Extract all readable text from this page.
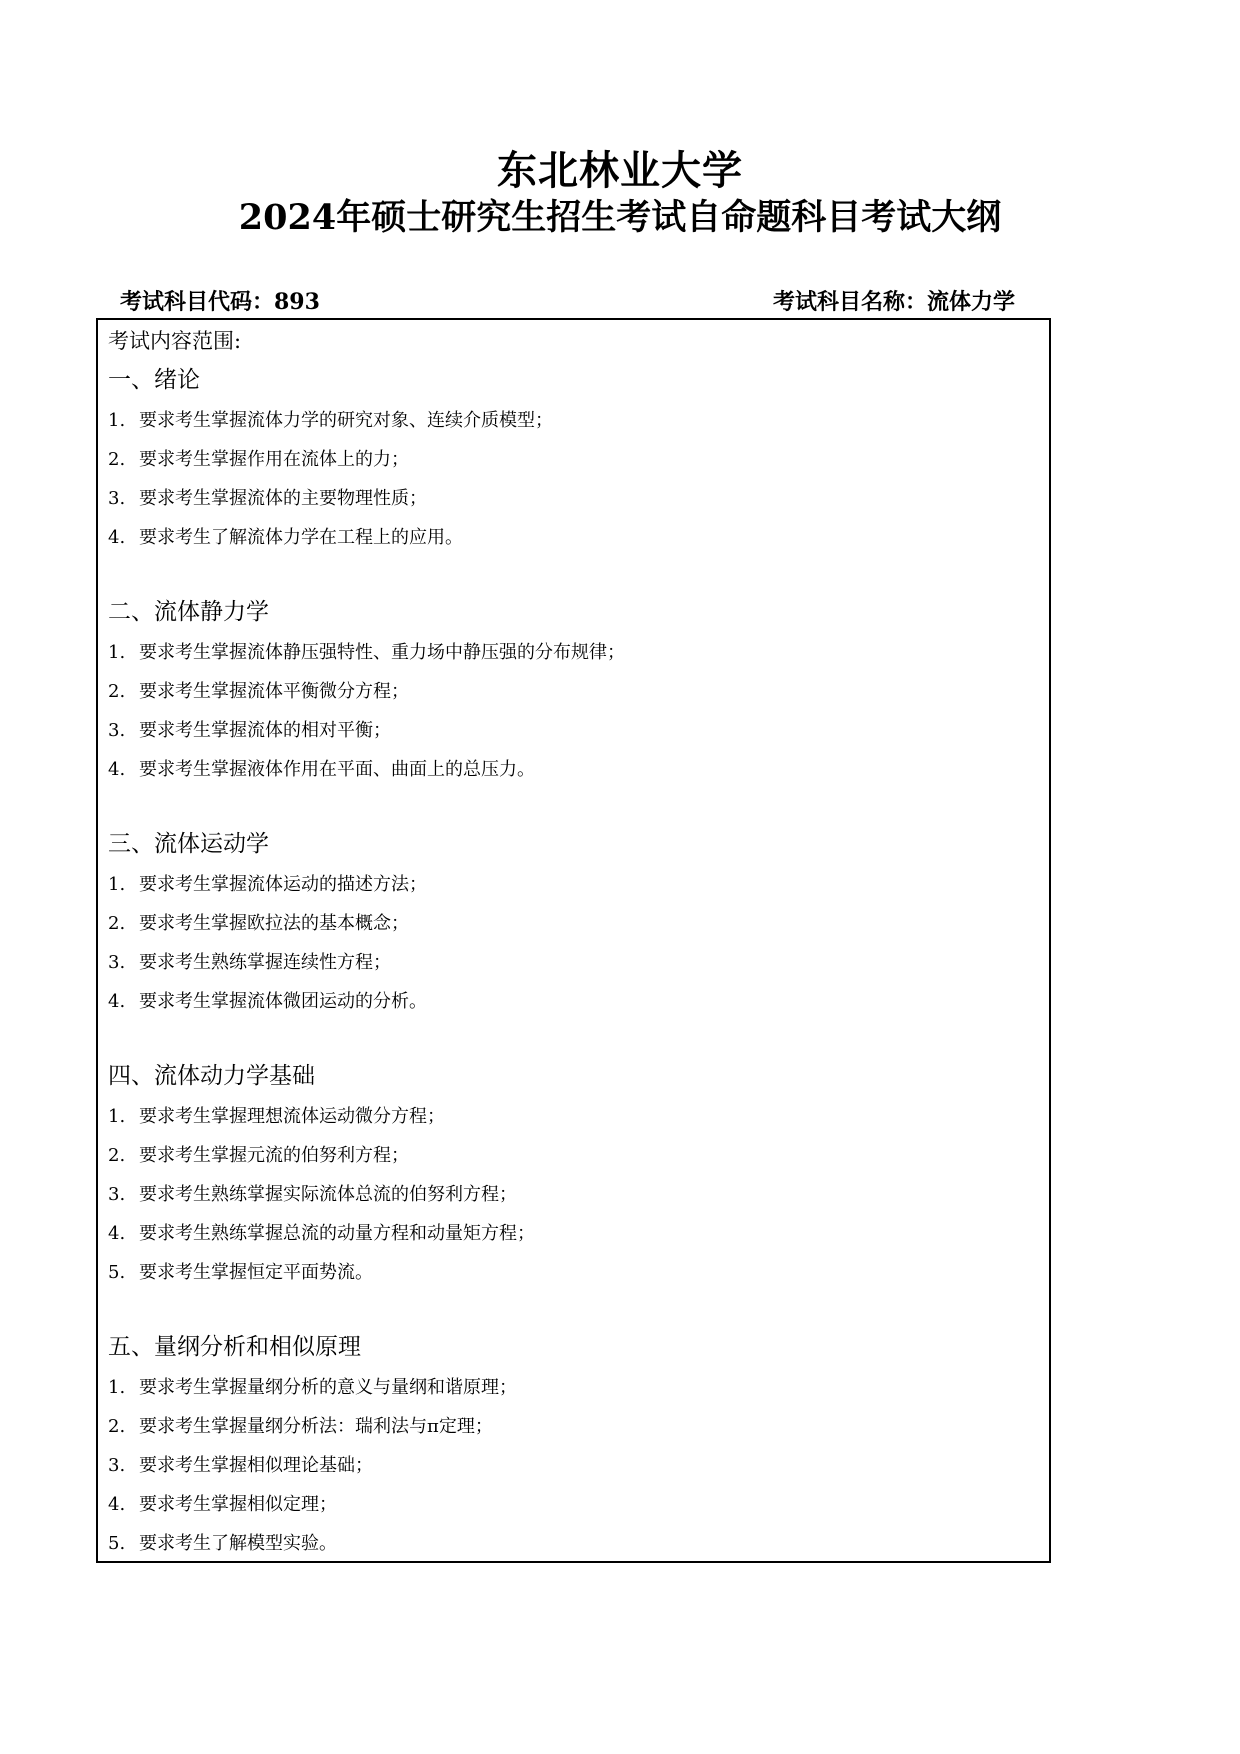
东北林业大学
2024年硕士研究生招生考试自命题科目考试大纲
考试科目代码：893	考试科目名称：流体力学
考试内容范围:
一、绪论
1. 要求考生掌握流体力学的研究对象、连续介质模型；
2. 要求考生掌握作用在流体上的力；
3. 要求考生掌握流体的主要物理性质；
4. 要求考生了解流体力学在工程上的应用。
二、流体静力学
1. 要求考生掌握流体静压强特性、重力场中静压强的分布规律；
2. 要求考生掌握流体平衡微分方程；
3. 要求考生掌握流体的相对平衡；
4. 要求考生掌握液体作用在平面、曲面上的总压力。
三、流体运动学
1. 要求考生掌握流体运动的描述方法；
2. 要求考生掌握欧拉法的基本概念；
3. 要求考生熟练掌握连续性方程；
4. 要求考生掌握流体微团运动的分析。
四、流体动力学基础
1. 要求考生掌握理想流体运动微分方程；
2. 要求考生掌握元流的伯努利方程；
3. 要求考生熟练掌握实际流体总流的伯努利方程；
4. 要求考生熟练掌握总流的动量方程和动量矩方程；
5. 要求考生掌握恒定平面势流。
五、量纲分析和相似原理
1. 要求考生掌握量纲分析的意义与量纲和谐原理；
2. 要求考生掌握量纲分析法：瑞利法与π定理；
3. 要求考生掌握相似理论基础；
4. 要求考生掌握相似定理；
5. 要求考生了解模型实验。
